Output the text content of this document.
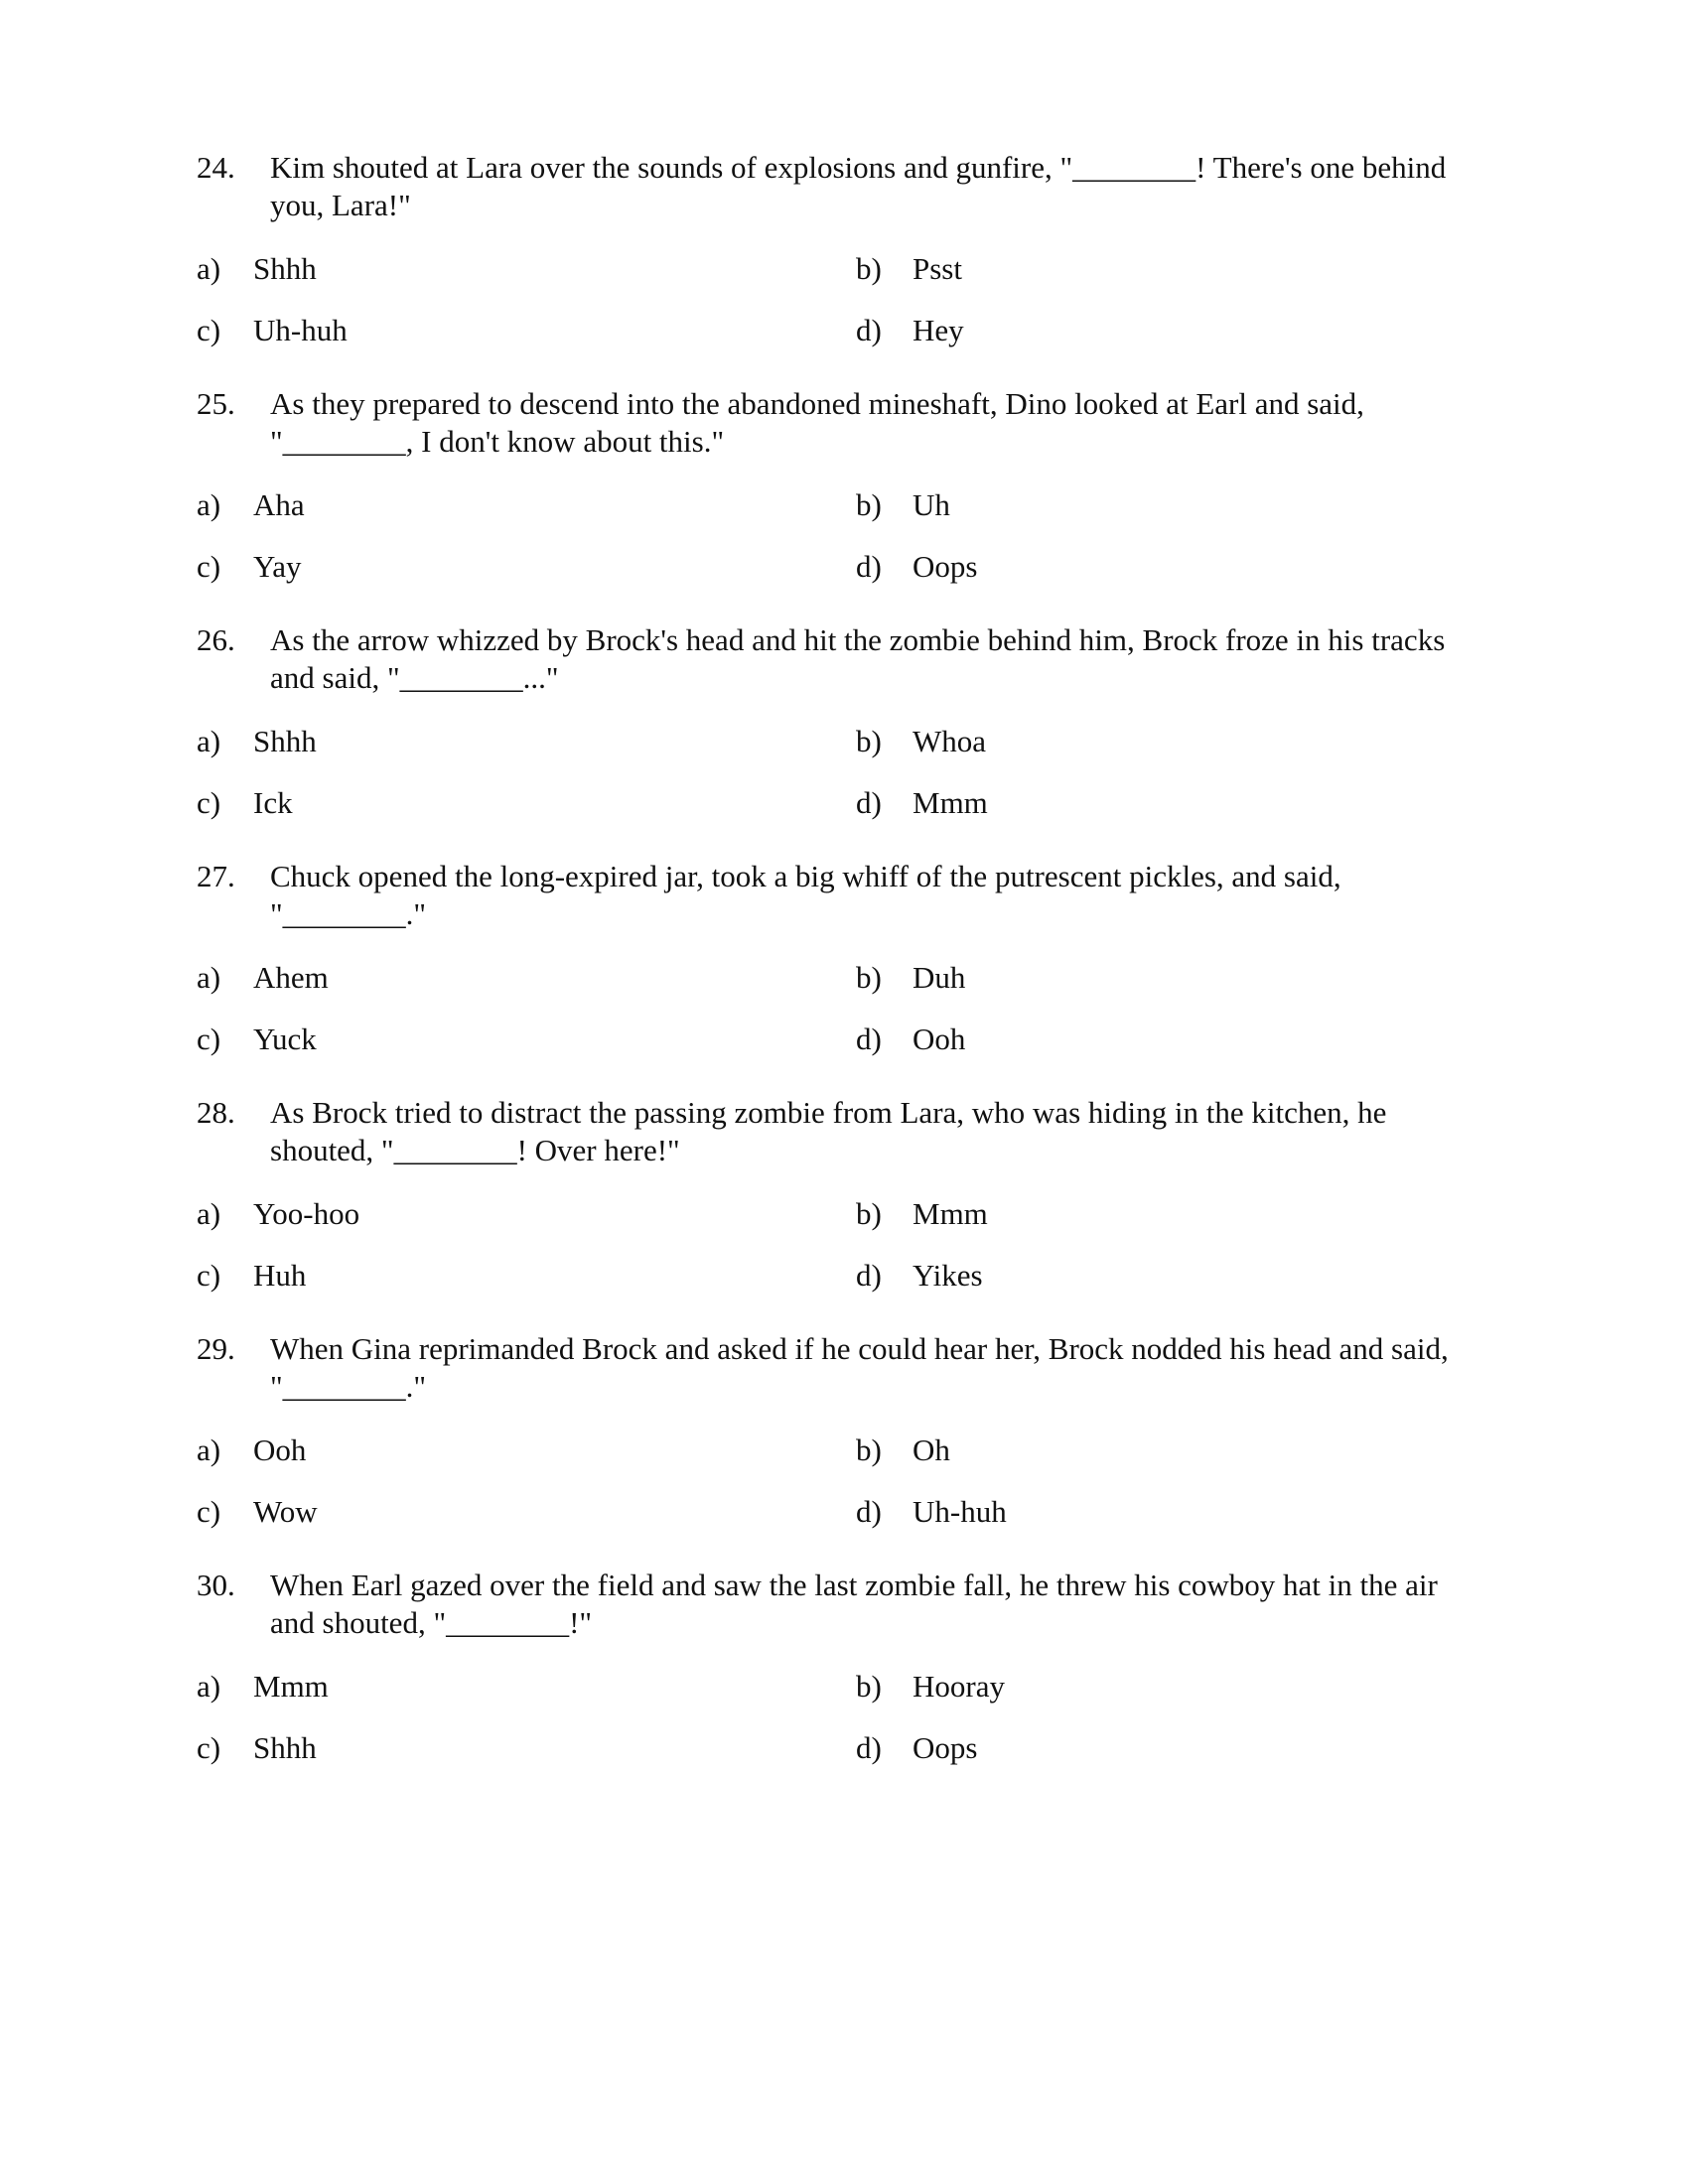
24. Kim shouted at Lara over the sounds of explosions and gunfire, "________! There's one behind you, Lara!"
a) Shhh	b) Psst
c) Uh-huh	d) Hey
25. As they prepared to descend into the abandoned mineshaft, Dino looked at Earl and said, "________, I don't know about this."
a) Aha	b) Uh
c) Yay	d) Oops
26. As the arrow whizzed by Brock's head and hit the zombie behind him, Brock froze in his tracks and said, "________..."
a) Shhh	b) Whoa
c) Ick	d) Mmm
27. Chuck opened the long-expired jar, took a big whiff of the putrescent pickles, and said, "________."
a) Ahem	b) Duh
c) Yuck	d) Ooh
28. As Brock tried to distract the passing zombie from Lara, who was hiding in the kitchen, he shouted, "________! Over here!"
a) Yoo-hoo	b) Mmm
c) Huh	d) Yikes
29. When Gina reprimanded Brock and asked if he could hear her, Brock nodded his head and said, "________."
a) Ooh	b) Oh
c) Wow	d) Uh-huh
30. When Earl gazed over the field and saw the last zombie fall, he threw his cowboy hat in the air and shouted, "________!"
a) Mmm	b) Hooray
c) Shhh	d) Oops
